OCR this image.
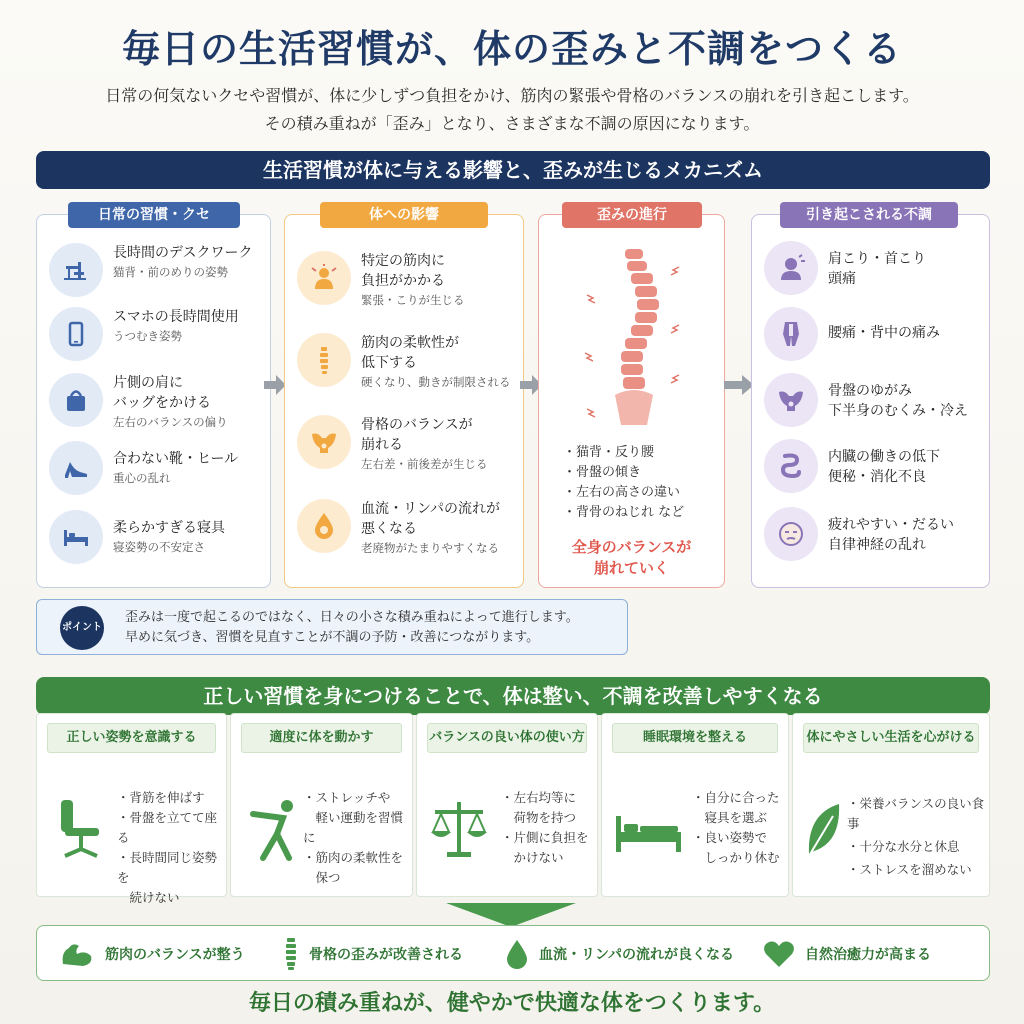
毎日の生活習慣が、体の歪みと不調をつくる
日常の何気ないクセや習慣が、体に少しずつ負担をかけ、筋肉の緊張や骨格のバランスの崩れを引き起こします。
その積み重ねが「歪み」となり、さまざまな不調の原因になります。
生活習慣が体に与える影響と、歪みが生じるメカニズム
長時間のデスクワーク
猫背・前のめりの姿勢
スマホの長時間使用
うつむき姿勢
片側の肩に
バッグをかける
左右のバランスの偏り
合わない靴・ヒール
重心の乱れ
柔らかすぎる寝具
寝姿勢の不安定さ
日常の習慣・クセ
特定の筋肉に
負担がかかる
緊張・こりが生じる
筋肉の柔軟性が
低下する
硬くなり、動きが制限される
骨格のバランスが
崩れる
左右差・前後差が生じる
血流・リンパの流れが
悪くなる
老廃物がたまりやすくなる
体への影響
・猫背・反り腰
・骨盤の傾き
・左右の高さの違い
・背骨のねじれ など
全身のバランスが
崩れていく
歪みの進行
肩こり・首こり
頭痛
腰痛・背中の痛み
骨盤のゆがみ
下半身のむくみ・冷え
内臓の働きの低下
便秘・消化不良
疲れやすい・だるい
自律神経の乱れ
引き起こされる不調
ポイント
歪みは一度で起こるのではなく、日々の小さな積み重ねによって進行します。
早めに気づき、習慣を見直すことが不調の予防・改善につながります。
正しい習慣を身につけることで、体は整い、不調を改善しやすくなる
正しい姿勢を意識する
・背筋を伸ばす
・骨盤を立てて座る
・長時間同じ姿勢を
　続けない
適度に体を動かす
・ストレッチや
　軽い運動を習慣に
・筋肉の柔軟性を
　保つ
バランスの良い体の使い方
・左右均等に
　荷物を持つ
・片側に負担を
　かけない
睡眠環境を整える
・自分に合った
　寝具を選ぶ
・良い姿勢で
　しっかり休む
体にやさしい生活を心がける
・栄養バランスの良い食事
・十分な水分と休息
・ストレスを溜めない
筋肉のバランスが整う	骨格の歪みが改善される	血流・リンパの流れが良くなる	自然治癒力が高まる
毎日の積み重ねが、健やかで快適な体をつくります。
